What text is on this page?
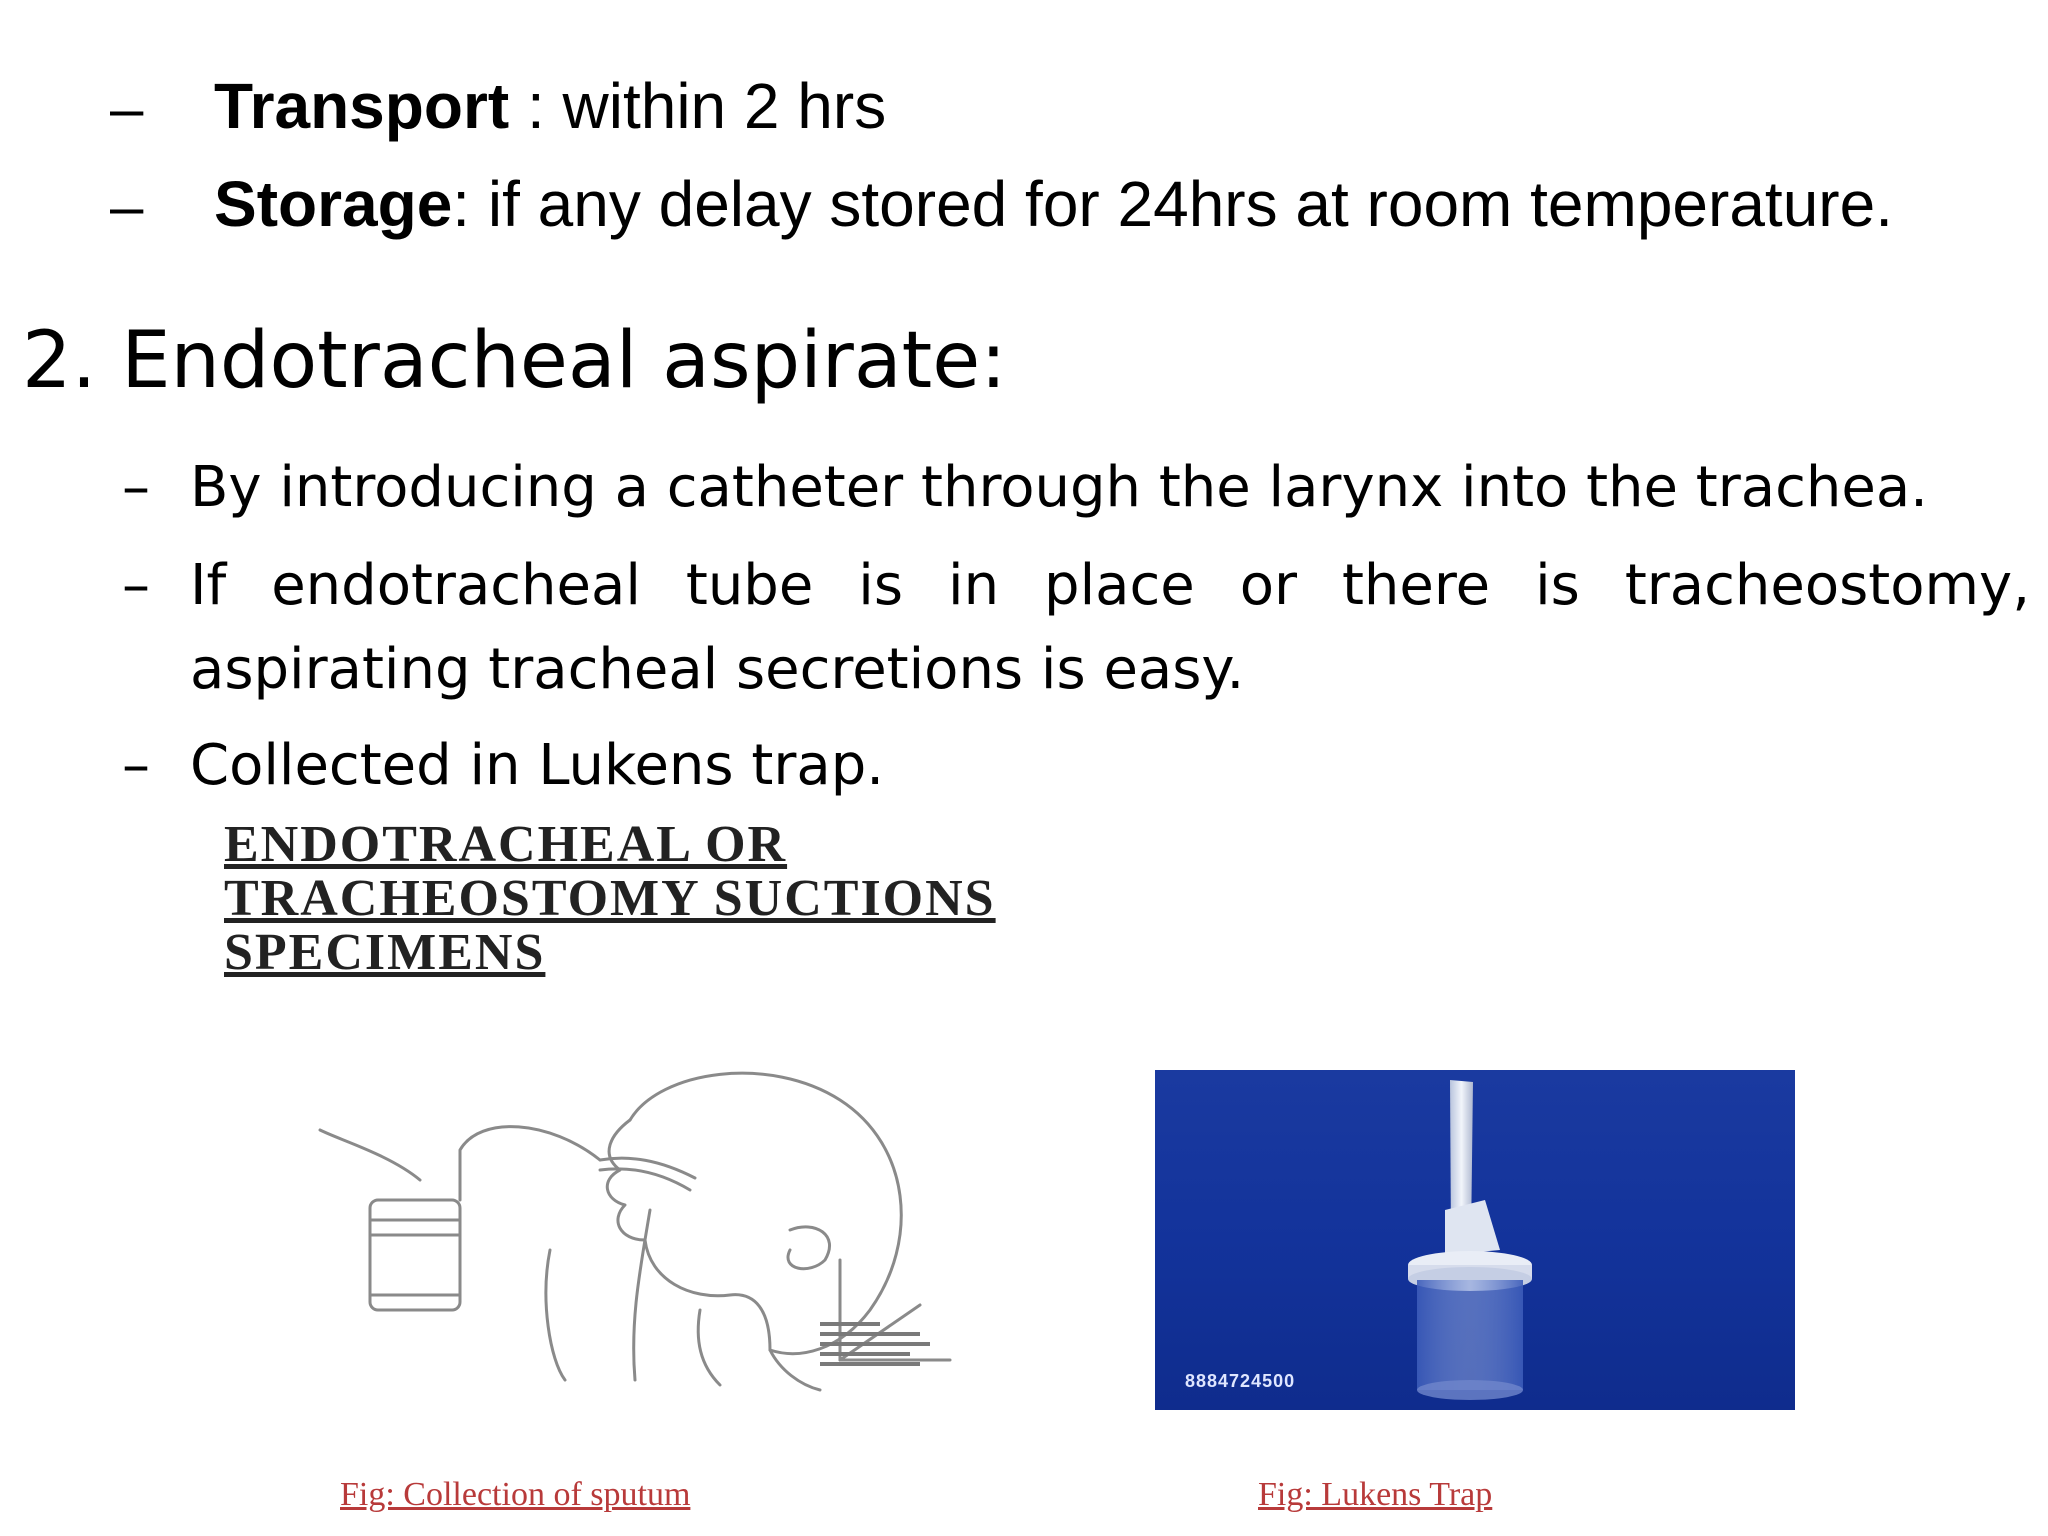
– Transport : within 2 hrs
– Storage: if any delay stored for 24hrs at room temperature.
2. Endotracheal aspirate:
– By introducing a catheter through the larynx into the trachea.
– If endotracheal tube is in place or there is tracheostomy,
aspirating tracheal secretions is easy.
– Collected in Lukens trap.
ENDOTRACHEAL OR
TRACHEOSTOMY SUCTIONS
SPECIMENS
8884724500
Fig: Collection of sputum	Fig: Lukens Trap
